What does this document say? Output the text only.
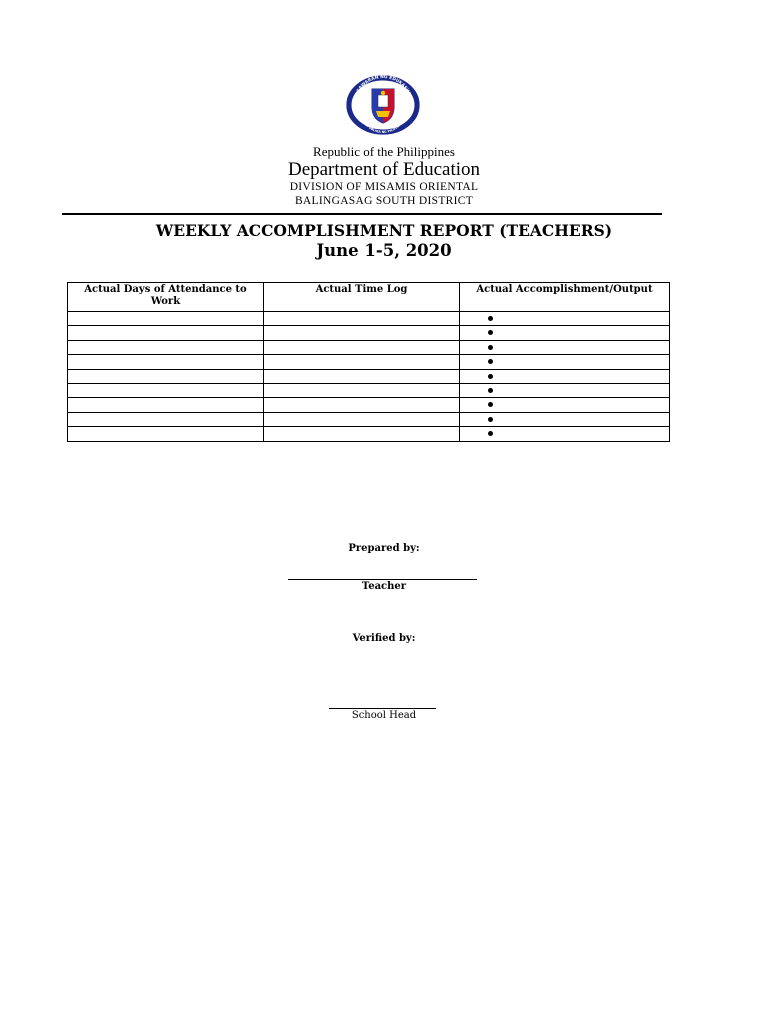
KAGAWARAN NG EDUKASYON
REPUBLIKA NG PILIPINAS
Republic of the Philippines
Department of Education
DIVISION OF MISAMIS ORIENTAL
BALINGASAG SOUTH DISTRICT
WEEKLY ACCOMPLISHMENT REPORT (TEACHERS)
June 1-5, 2020
Actual Days of Attendance to Work	Actual Time Log	Actual Accomplishment/Output

Prepared by:
Teacher
Verified by:
School Head
